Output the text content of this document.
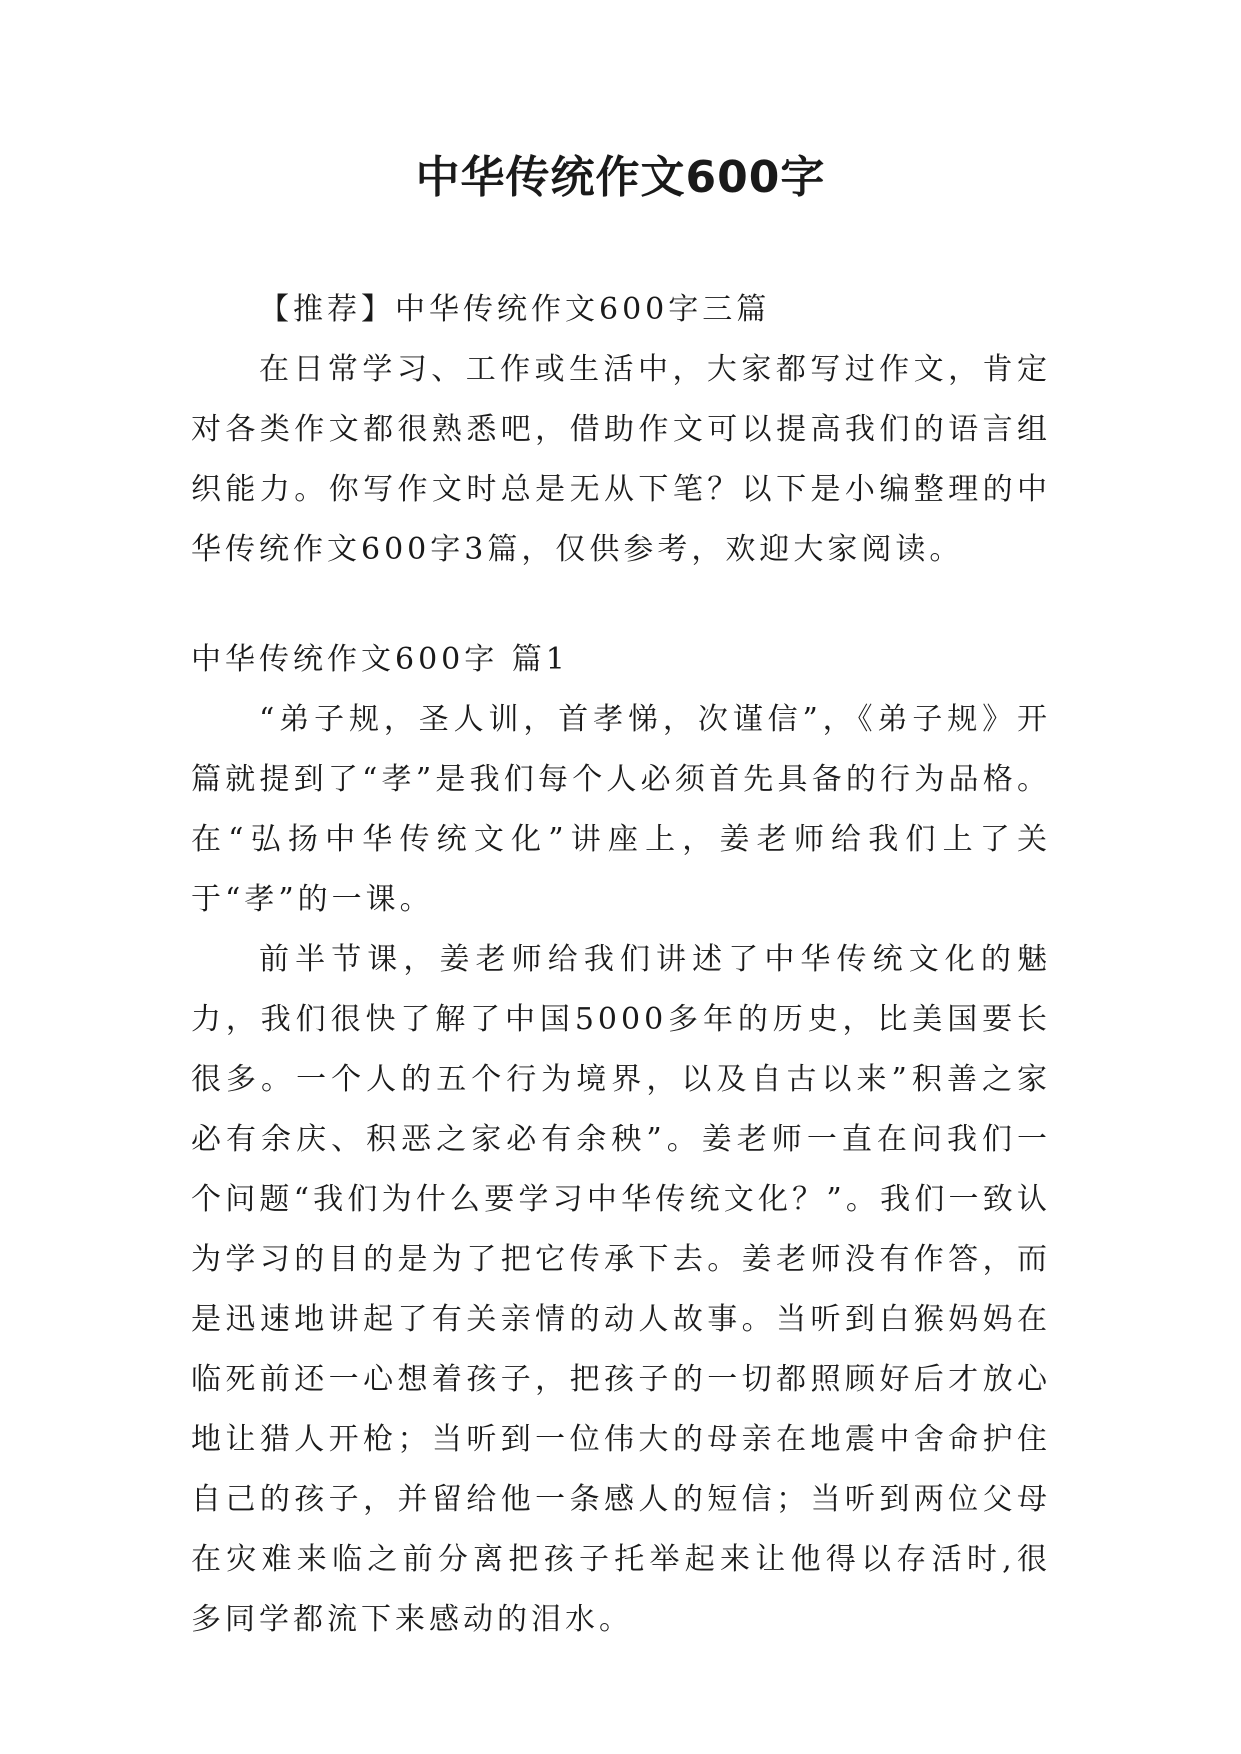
中华传统作文600字

【推荐】中华传统作文600字三篇

在日常学习、工作或生活中，大家都写过作文，肯定对各类作文都很熟悉吧，借助作文可以提高我们的语言组织能力。你写作文时总是无从下笔？以下是小编整理的中华传统作文600字3篇，仅供参考，欢迎大家阅读。

中华传统作文600字 篇1

“弟子规，圣人训，首孝悌，次谨信”，《弟子规》开篇就提到了“孝”是我们每个人必须首先具备的行为品格。在“弘扬中华传统文化”讲座上，姜老师给我们上了关于“孝”的一课。

前半节课，姜老师给我们讲述了中华传统文化的魅力，我们很快了解了中国5000多年的历史，比美国要长很多。一个人的五个行为境界，以及自古以来”积善之家必有余庆、积恶之家必有余秧”。姜老师一直在问我们一个问题“我们为什么要学习中华传统文化？”。我们一致认为学习的目的是为了把它传承下去。姜老师没有作答，而是迅速地讲起了有关亲情的动人故事。当听到白猴妈妈在临死前还一心想着孩子，把孩子的一切都照顾好后才放心地让猎人开枪；当听到一位伟大的母亲在地震中舍命护住自己的孩子，并留给他一条感人的短信；当听到两位父母在灾难来临之前分离把孩子托举起来让他得以存活时,很多同学都流下来感动的泪水。
